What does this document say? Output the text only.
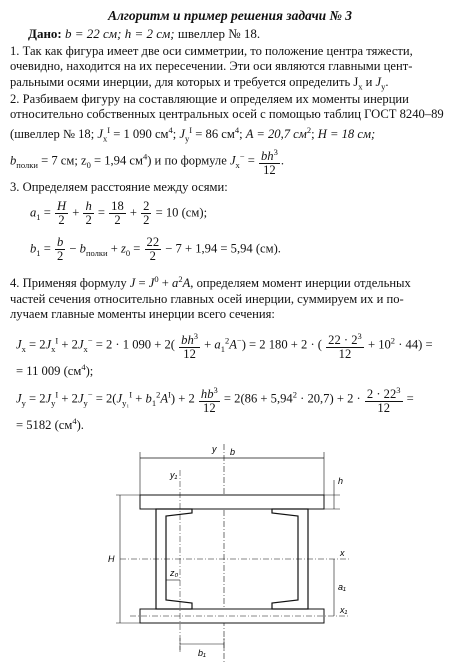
Алгоритм и пример решения задачи № 3
Дано: b = 22 см; h = 2 см; швеллер № 18.
1. Так как фигура имеет две оси симметрии, то положение центра тяжести,
очевидно, находится на их пересечении. Эти оси являются главными цент-
ральными осями инерции, для которых и требуется определить $J_x$ и $J_y$.
2. Разбиваем фигуру на составляющие и определяем их моменты инерции
относительно собственных центральных осей с помощью таблиц ГОСТ 8240–89
(швеллер № 18; $J_x^I = 1$ 090 $см^4$; $J_y^I = 86$ $см^4$; A = 20,7 $см^2$; H = 18 см;
$b_{полки} = 7$ см; $z_0 = 1,94$ $см^4$) и по формуле $J_x^- = \frac{bh^3}{12}$ .
3. Определяем расстояние между осями:
$a_1 = \frac{H}{2} + \frac{h}{2} = \frac{18}{2} + \frac{2}{2} = 10$ (см);
$b_1 = \frac{b}{2} - b_{полки} + z_0 = \frac{22}{2} - 7 + 1,94 = 5,94$ (см).
4. Применяя формулу $J = J^0 + a^2A$, определяем момент инерции отдельных
частей сечения относительно главных осей инерции, суммируем их и по-
лучаем главные моменты инерции всего сечения:
$J_x = 2J_x^I + 2J_x^- = 2 \cdot 1$ $090 + 2( \frac{bh^3}{12} + a_1^2A^-) = 2$ 180 + 2 · ( $\frac{22 \cdot 2^3}{12} + 10^2 \cdot 44$) =
= 11 009 $(см^4)$;
$J_y = 2J_y^I + 2J_y^- = 2(J_{y_1}^I + b_1^2A^I) + 2 \frac{hb^3}{12} = 2(86 + 5,94^2 \cdot 20,7) + 2 \cdot \frac{2 \cdot 22^3}{12}$ =
= 5182 $(см^4)$.
b
y
y₁
x
x₁
H
h
a₁
z₀
b₁
